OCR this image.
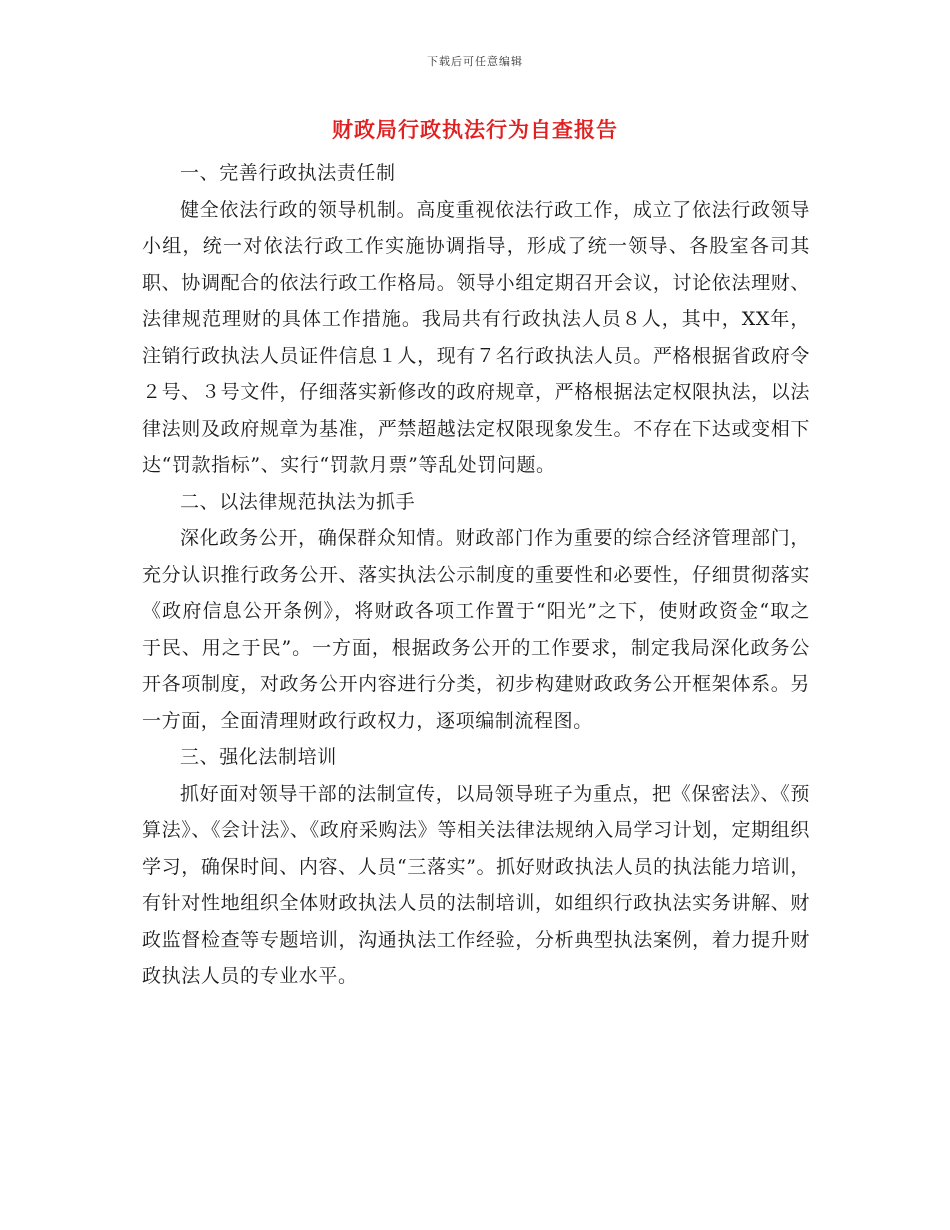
下载后可任意编辑
财政局行政执法行为自查报告

一、完善行政执法责任制

健全依法行政的领导机制。高度重视依法行政工作，成立了依法行政领导小组，统一对依法行政工作实施协调指导，形成了统一领导、各股室各司其职、协调配合的依法行政工作格局。领导小组定期召开会议，讨论依法理财、法律规范理财的具体工作措施。我局共有行政执法人员８人，其中，XX年，注销行政执法人员证件信息１人，现有７名行政执法人员。严格根据省政府令２号、３号文件，仔细落实新修改的政府规章，严格根据法定权限执法，以法律法则及政府规章为基准，严禁超越法定权限现象发生。不存在下达或变相下达“罚款指标”、实行“罚款月票”等乱处罚问题。

二、以法律规范执法为抓手

深化政务公开，确保群众知情。财政部门作为重要的综合经济管理部门，充分认识推行政务公开、落实执法公示制度的重要性和必要性，仔细贯彻落实《政府信息公开条例》，将财政各项工作置于“阳光”之下，使财政资金“取之于民、用之于民”。一方面，根据政务公开的工作要求，制定我局深化政务公开各项制度，对政务公开内容进行分类，初步构建财政政务公开框架体系。另一方面，全面清理财政行政权力，逐项编制流程图。

三、强化法制培训

抓好面对领导干部的法制宣传，以局领导班子为重点，把《保密法》、《预算法》、《会计法》、《政府采购法》等相关法律法规纳入局学习计划，定期组织学习，确保时间、内容、人员“三落实”。抓好财政执法人员的执法能力培训，有针对性地组织全体财政执法人员的法制培训，如组织行政执法实务讲解、财政监督检查等专题培训，沟通执法工作经验，分析典型执法案例，着力提升财政执法人员的专业水平。
